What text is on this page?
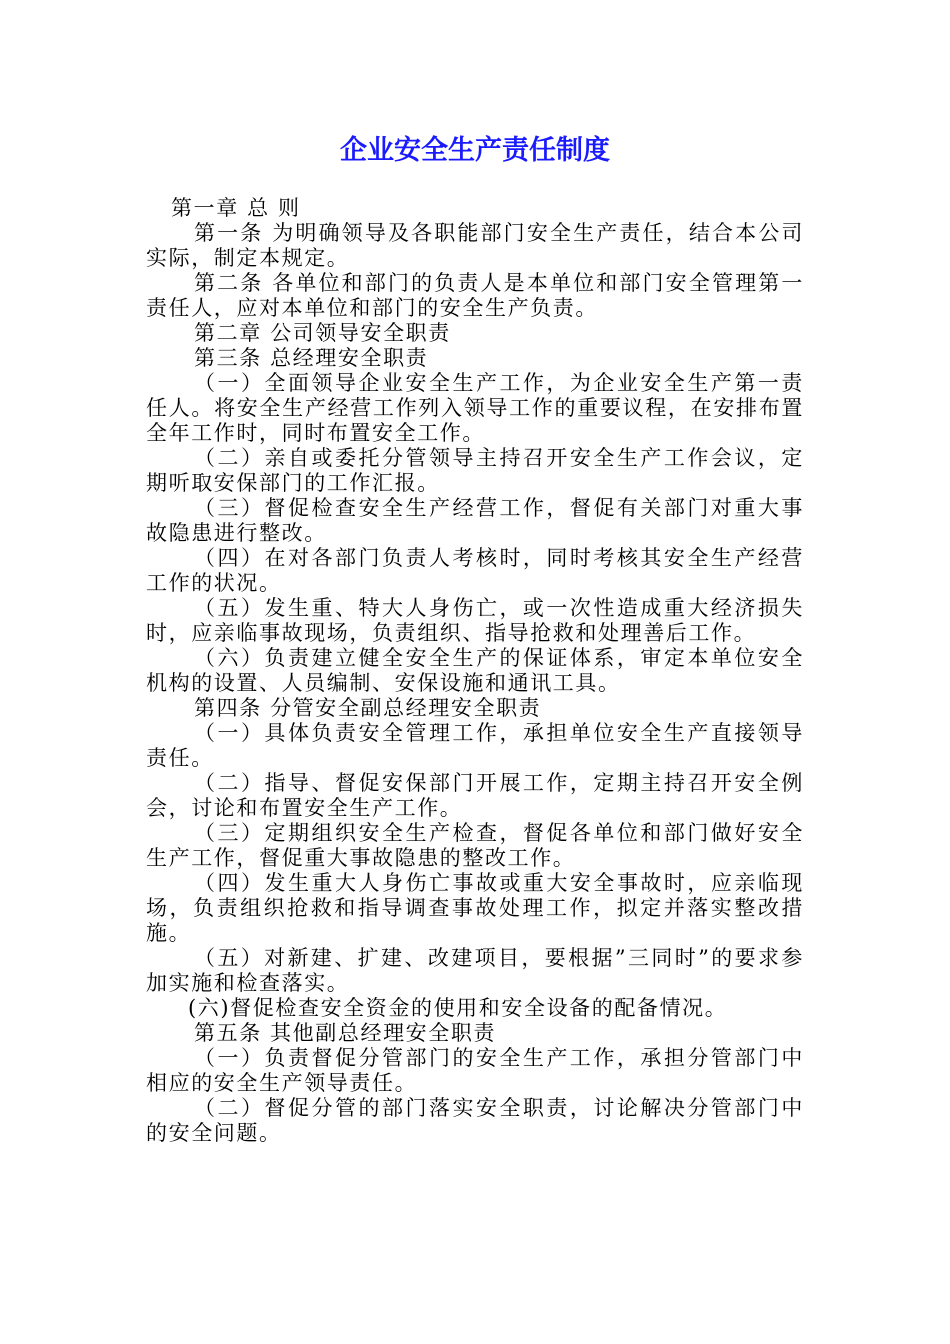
企业安全生产责任制度

第一章 总 则

第一条 为明确领导及各职能部门安全生产责任，结合本公司实际，制定本规定。

第二条 各单位和部门的负责人是本单位和部门安全管理第一责任人，应对本单位和部门的安全生产负责。

第二章 公司领导安全职责

第三条 总经理安全职责

（一）全面领导企业安全生产工作，为企业安全生产第一责任人。将安全生产经营工作列入领导工作的重要议程，在安排布置全年工作时，同时布置安全工作。

（二）亲自或委托分管领导主持召开安全生产工作会议，定期听取安保部门的工作汇报。

（三）督促检查安全生产经营工作，督促有关部门对重大事故隐患进行整改。

（四）在对各部门负责人考核时，同时考核其安全生产经营工作的状况。

（五）发生重、特大人身伤亡，或一次性造成重大经济损失时，应亲临事故现场，负责组织、指导抢救和处理善后工作。

（六）负责建立健全安全生产的保证体系，审定本单位安全机构的设置、人员编制、安保设施和通讯工具。

第四条 分管安全副总经理安全职责

（一）具体负责安全管理工作，承担单位安全生产直接领导责任。

（二）指导、督促安保部门开展工作，定期主持召开安全例会，讨论和布置安全生产工作。

（三）定期组织安全生产检查，督促各单位和部门做好安全生产工作，督促重大事故隐患的整改工作。

（四）发生重大人身伤亡事故或重大安全事故时，应亲临现场，负责组织抢救和指导调查事故处理工作，拟定并落实整改措施。

（五）对新建、扩建、改建项目，要根据”三同时”的要求参加实施和检查落实。

(六)督促检查安全资金的使用和安全设备的配备情况。

第五条 其他副总经理安全职责

（一）负责督促分管部门的安全生产工作，承担分管部门中相应的安全生产领导责任。

（二）督促分管的部门落实安全职责，讨论解决分管部门中的安全问题。
